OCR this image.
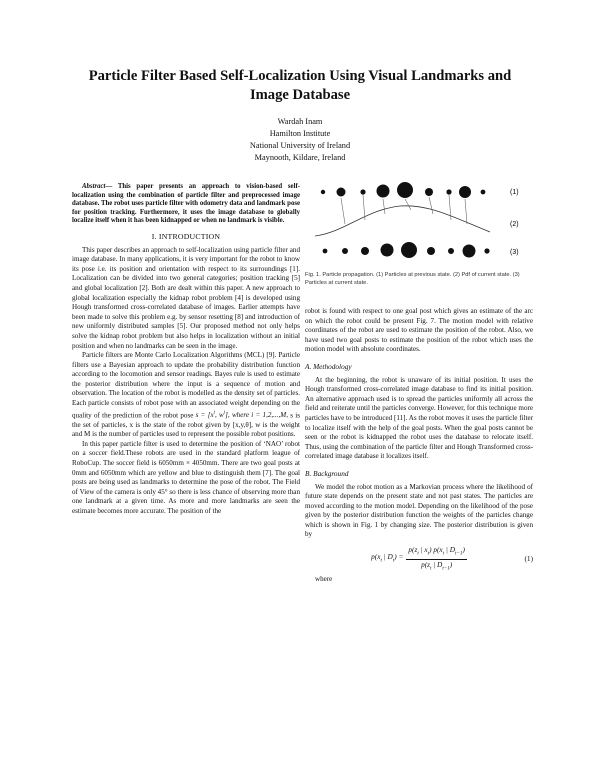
Particle Filter Based Self-Localization Using Visual Landmarks and
Image Database
Wardah Inam
Hamilton Institute
National University of Ireland
Maynooth, Kildare, Ireland

Abstract— This paper presents an approach to vision-based self-localization using the combination of particle filter and preprocessed image database. The robot uses particle filter with odometry data and landmark pose for position tracking. Furthermore, it uses the image database to globally localize itself when it has been kidnapped or when no landmark is visible.

I. INTRODUCTION

This paper describes an approach to self-localization using particle filter and image database. In many applications, it is very important for the robot to know its pose i.e. its position and orientation with respect to its surroundings [1]. Localization can be divided into two general categories; position tracking [5] and global localization [2]. Both are dealt within this paper. A new approach to global localization especially the kidnap robot problem [4] is developed using Hough transformed cross-correlated database of images. Earlier attempts have been made to solve this problem e.g. by sensor resetting [8] and introduction of new uniformly distributed samples [5]. Our proposed method not only helps solve the kidnap robot problem but also helps in localization without an initial position and when no landmarks can be seen in the image.

Particle filters are Monte Carlo Localization Algorithms (MCL) [9]. Particle filters use a Bayesian approach to update the probability distribution function according to the locomotion and sensor readings. Bayes rule is used to estimate the posterior distribution where the input is a sequence of motion and observation. The location of the robot is modelled as the density set of particles. Each particle consists of robot pose with an associated weight depending on the quality of the prediction of the robot pose $s = [x^i$, $w^i$], where i = 1,2,...,M, s is the set of particles, x is the state of the robot given by [x,y,θ], w is the weight and M is the number of particles used to represent the possible robot positions.

In this paper particle filter is used to determine the position of ‘NAO’ robot on a soccer field.These robots are used in the standard platform league of RoboCup. The soccer field is 6050mm × 4050mm. There are two goal posts at 0mm and 6050mm which are yellow and blue to distinguish them [7]. The goal posts are being used as landmarks to determine the pose of the robot. The Field of View of the camera is only 45° so there is less chance of observing more than one landmark at a given time. As more and more landmarks are seen the estimate becomes more accurate. The position of the

(1)
(2)
(3)
Fig. 1. Particle propagation. (1) Particles at previous state. (2) Pdf of current state. (3) Particles at current state.

robot is found with respect to one goal post which gives an estimate of the arc on which the robot could be present Fig. 7. The motion model with relative coordinates of the robot are used to estimate the position of the robot. Also, we have used two goal posts to estimate the position of the robot which uses the motion model with absolute coordinates.

A. Methodology

At the beginning, the robot is unaware of its initial position. It uses the Hough transformed cross-correlated image database to find its initial position. An alternative approach used is to spread the particles uniformly all across the field and reiterate until the particles converge. However, for this technique more particles have to be introduced [11]. As the robot moves it uses the particle filter to localize itself with the help of the goal posts. When the goal posts cannot be seen or the robot is kidnapped the robot uses the database to relocate itself. Thus, using the combination of the particle filter and Hough Transformed cross-correlated image database it localizes itself.

B. Background

We model the robot motion as a Markovian process where the likelihood of future state depends on the present state and not past states. The particles are moved according to the motion model. Depending on the likelihood of the pose given by the posterior distribution function the weights of the particles change which is shown in Fig. 1 by changing size. The posterior distribution is given by

$p(x_t$ | $D_t) = \frac{p(z_t | x_t) p(x_t | D_{t-1})}{p(z_t | D_{t-1})}$	(1)

where
